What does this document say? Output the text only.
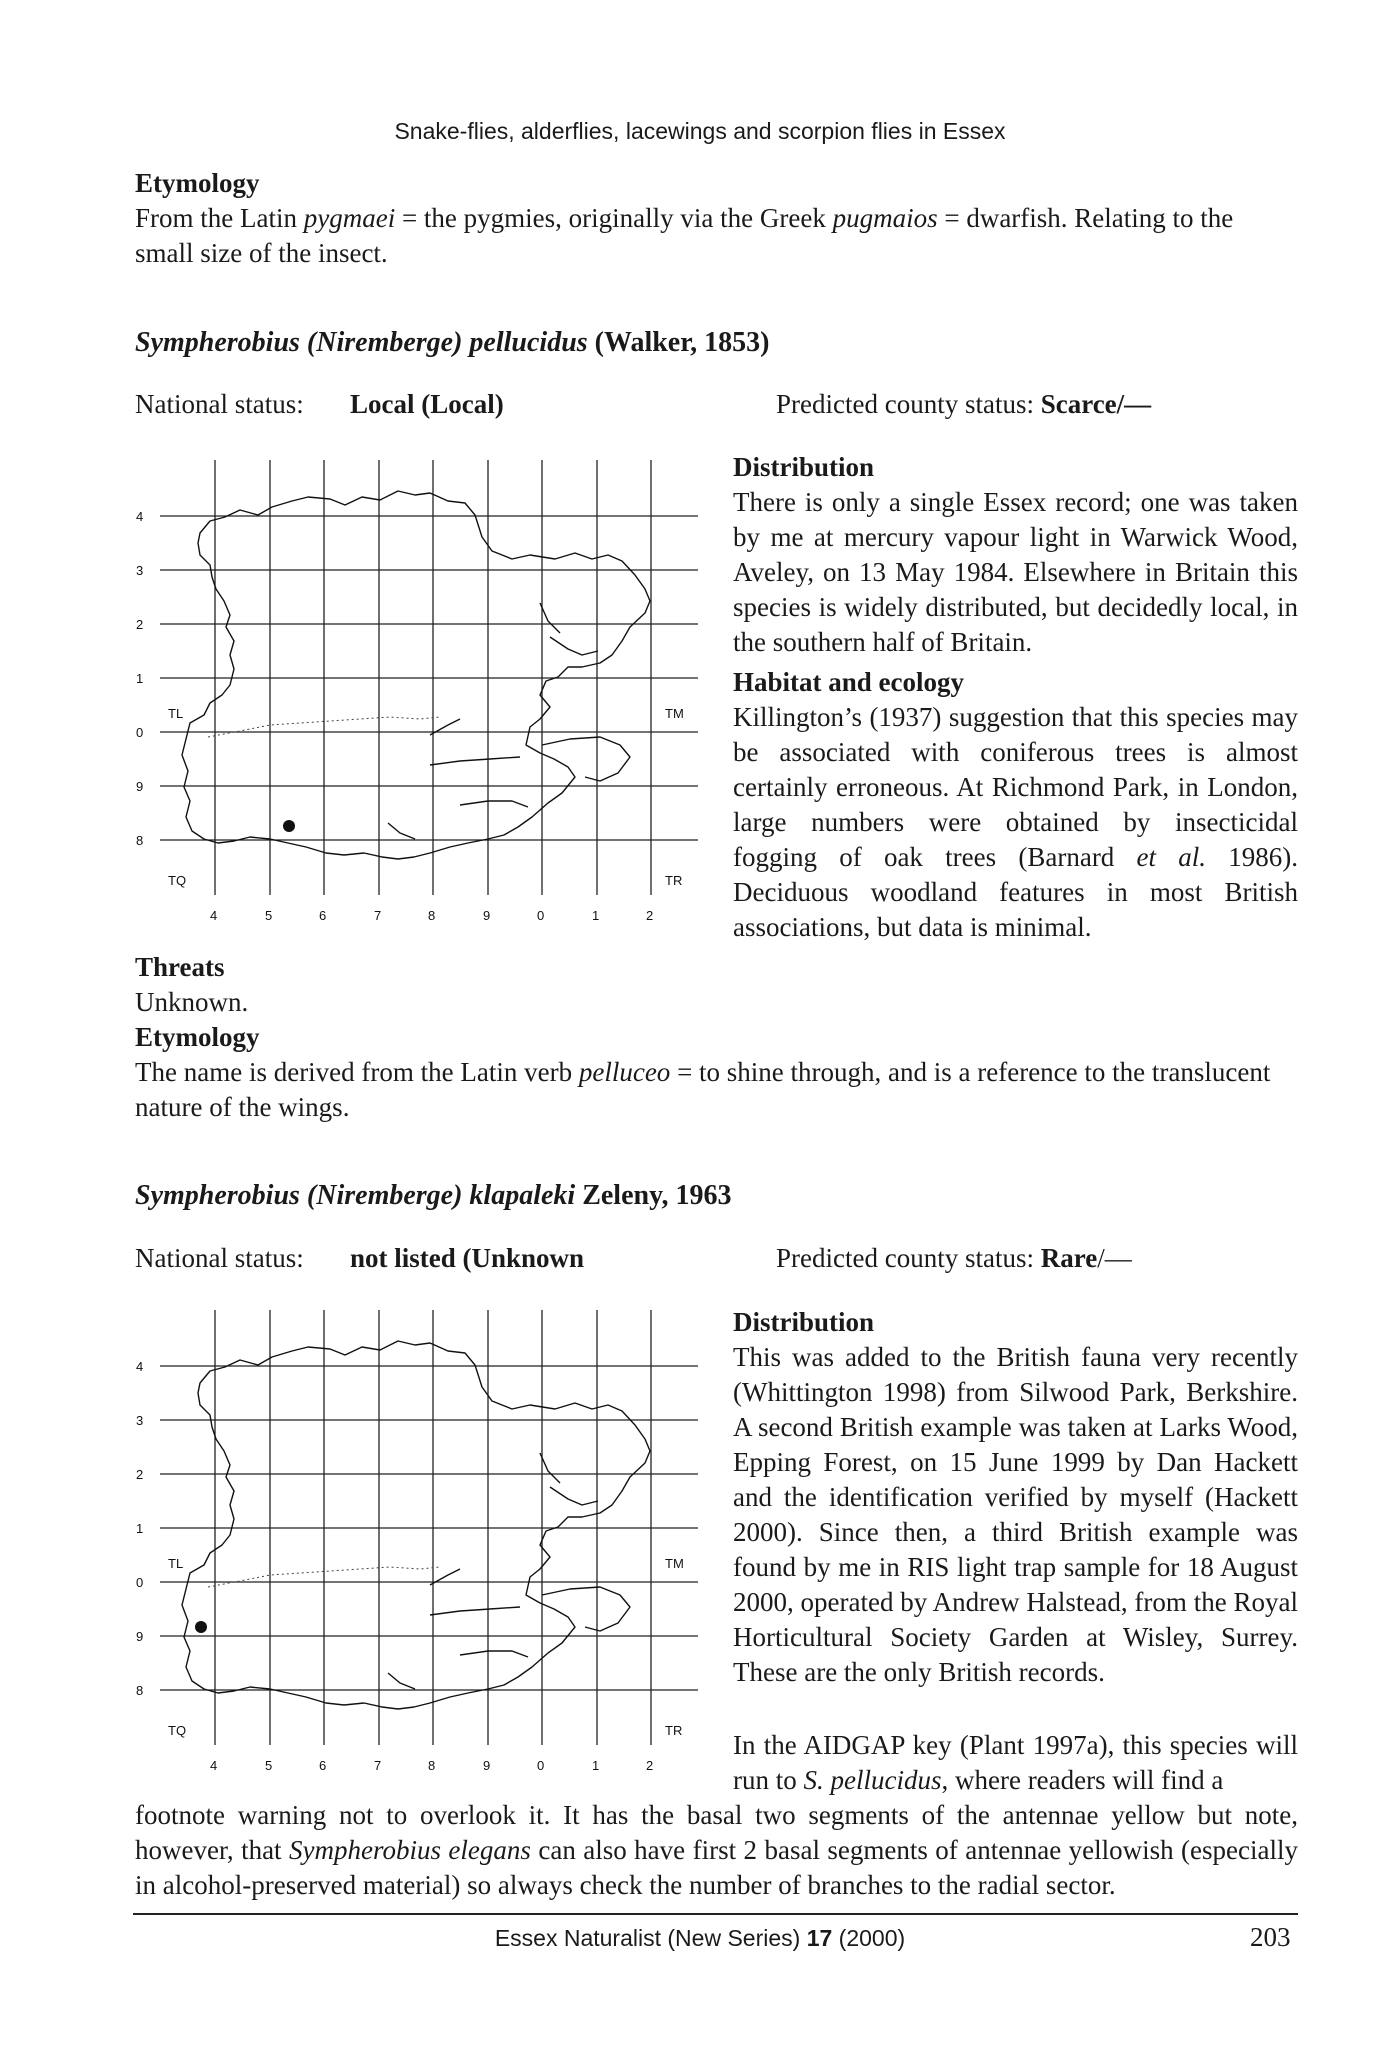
Snake-flies, alderflies, lacewings and scorpion flies in Essex
Etymology
From the Latin pygmaei = the pygmies, originally via the Greek pugmaios = dwarfish. Relating to the small size of the insect.
Sympherobius (Niremberge) pellucidus (Walker, 1853)
National status: Local (Local)	Predicted county status: Scarce/—
4
3
2
1
0
9
8
4	5	6	7	8	9	0	1	2
TL	TM
TQ	TR
Distribution
There is only a single Essex record; one was taken by me at mercury vapour light in Warwick Wood, Aveley, on 13 May 1984. Elsewhere in Britain this species is widely distributed, but decidedly local, in the southern half of Britain.
Habitat and ecology
Killington’s (1937) suggestion that this species may be associated with coniferous trees is almost certainly erroneous. At Richmond Park, in London, large numbers were obtained by insecticidal fogging of oak trees (Barnard et al. 1986). Deciduous woodland features in most British associations, but data is minimal.
Threats
Unknown.
Etymology
The name is derived from the Latin verb pelluceo = to shine through, and is a reference to the translucent nature of the wings.
Sympherobius (Niremberge) klapaleki Zeleny, 1963
National status: not listed (Unknown	Predicted county status: Rare/—
4
3
2
1
0
9
8
4	5	6	7	8	9	0	1	2
TL	TM
TQ	TR
Distribution
This was added to the British fauna very recently (Whittington 1998) from Silwood Park, Berkshire. A second British example was taken at Larks Wood, Epping Forest, on 15 June 1999 by Dan Hackett and the identification verified by myself (Hackett 2000). Since then, a third British example was found by me in RIS light trap sample for 18 August 2000, operated by Andrew Halstead, from the Royal Horticultural Society Garden at Wisley, Surrey. These are the only British records.
In the AIDGAP key (Plant 1997a), this species will run to S. pellucidus, where readers will find a
footnote warning not to overlook it. It has the basal two segments of the antennae yellow but note, however, that Sympherobius elegans can also have first 2 basal segments of antennae yellowish (especially in alcohol-preserved material) so always check the number of branches to the radial sector.
Essex Naturalist (New Series) 17 (2000)	203
